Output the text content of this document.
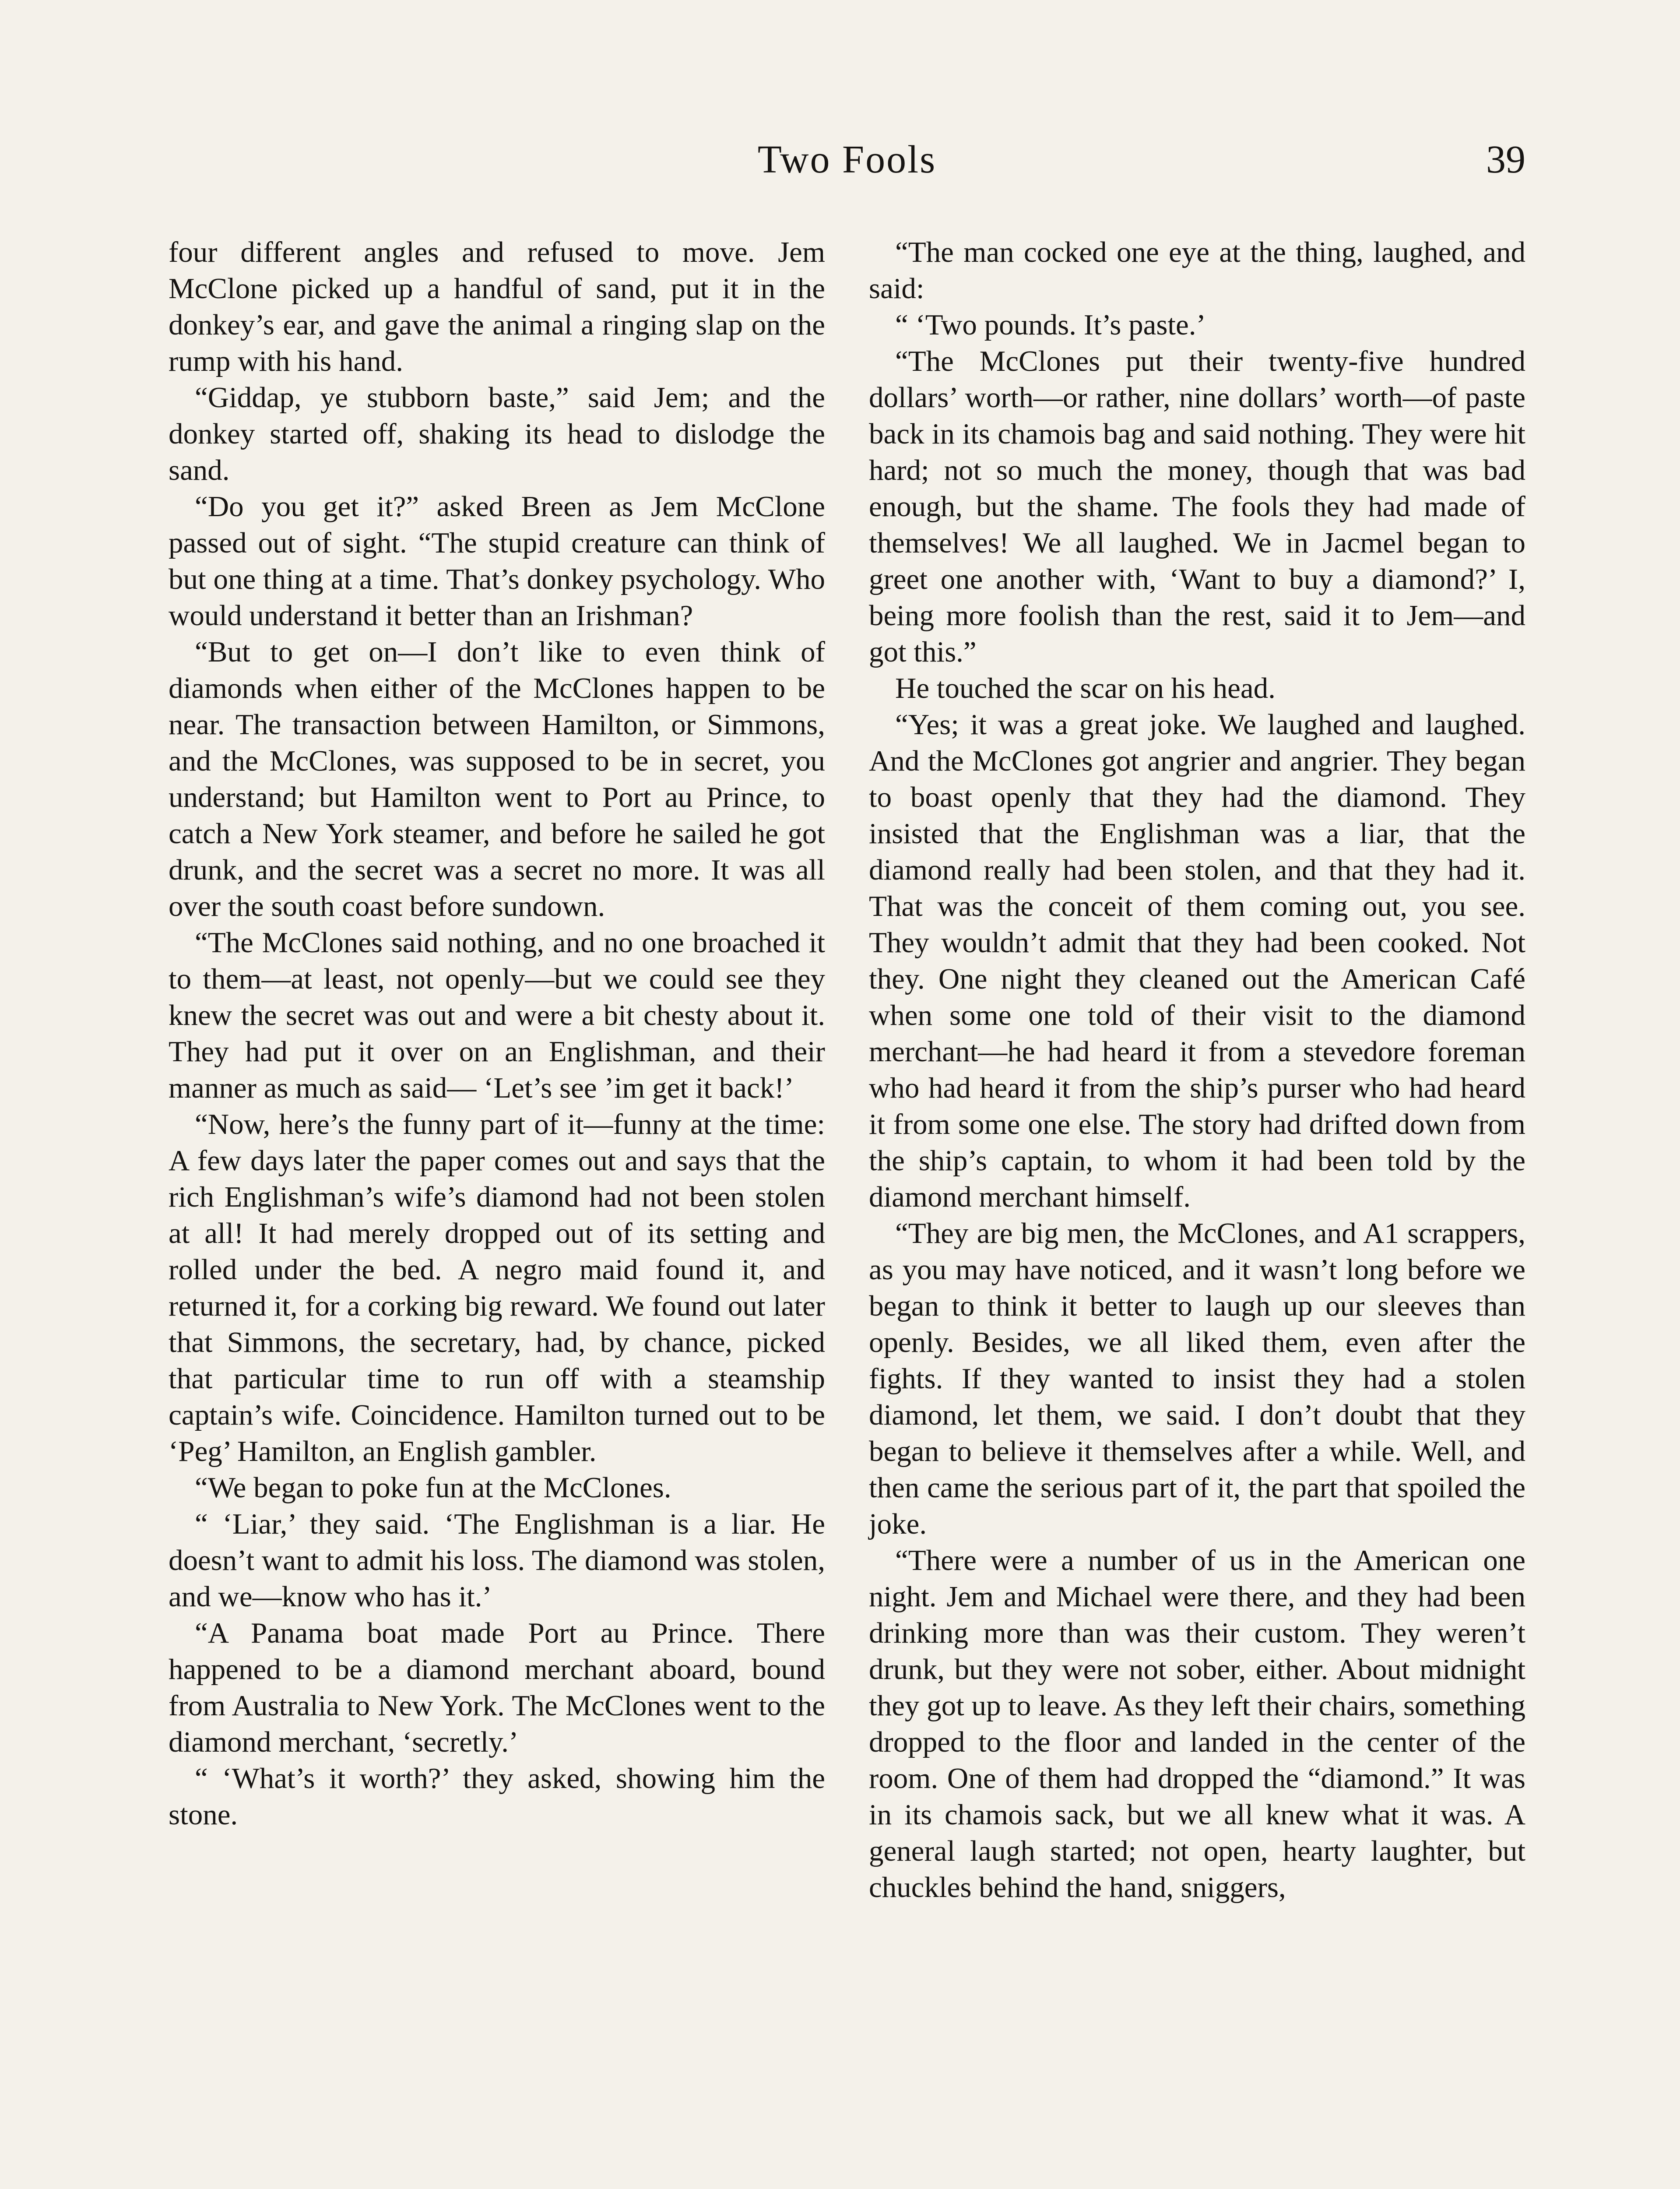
Two Fools	39

four different angles and refused to move. Jem McClone picked up a handful of sand, put it in the donkey’s ear, and gave the animal a ringing slap on the rump with his hand.

“Giddap, ye stubborn baste,” said Jem; and the donkey started off, shaking its head to dislodge the sand.

“Do you get it?” asked Breen as Jem McClone passed out of sight. “The stupid creature can think of but one thing at a time. That’s donkey psychology. Who would understand it better than an Irishman?

“But to get on—I don’t like to even think of diamonds when either of the McClones happen to be near. The transaction between Hamilton, or Simmons, and the McClones, was supposed to be in secret, you understand; but Hamilton went to Port au Prince, to catch a New York steamer, and before he sailed he got drunk, and the secret was a secret no more. It was all over the south coast before sundown.

“The McClones said nothing, and no one broached it to them—at least, not openly—but we could see they knew the secret was out and were a bit chesty about it. They had put it over on an Englishman, and their manner as much as said— ‘Let’s see ’im get it back!’

“Now, here’s the funny part of it—funny at the time: A few days later the paper comes out and says that the rich Englishman’s wife’s diamond had not been stolen at all! It had merely dropped out of its setting and rolled under the bed. A negro maid found it, and returned it, for a corking big reward. We found out later that Simmons, the secretary, had, by chance, picked that particular time to run off with a steamship captain’s wife. Coincidence. Hamilton turned out to be ‘Peg’ Hamilton, an English gambler.

“We began to poke fun at the McClones.

“ ‘Liar,’ they said. ‘The Englishman is a liar. He doesn’t want to admit his loss. The diamond was stolen, and we—know who has it.’

“A Panama boat made Port au Prince. There happened to be a diamond merchant aboard, bound from Australia to New York. The McClones went to the diamond merchant, ‘secretly.’

“ ‘What’s it worth?’ they asked, showing him the stone.

“The man cocked one eye at the thing, laughed, and said:

“ ‘Two pounds. It’s paste.’

“The McClones put their twenty-five hundred dollars’ worth—or rather, nine dollars’ worth—of paste back in its chamois bag and said nothing. They were hit hard; not so much the money, though that was bad enough, but the shame. The fools they had made of themselves! We all laughed. We in Jacmel began to greet one another with, ‘Want to buy a diamond?’ I, being more foolish than the rest, said it to Jem—and got this.”

He touched the scar on his head.

“Yes; it was a great joke. We laughed and laughed. And the McClones got angrier and angrier. They began to boast openly that they had the diamond. They insisted that the Englishman was a liar, that the diamond really had been stolen, and that they had it. That was the conceit of them coming out, you see. They wouldn’t admit that they had been cooked. Not they. One night they cleaned out the American Café when some one told of their visit to the diamond merchant—he had heard it from a stevedore foreman who had heard it from the ship’s purser who had heard it from some one else. The story had drifted down from the ship’s captain, to whom it had been told by the diamond merchant himself.

“They are big men, the McClones, and A1 scrappers, as you may have noticed, and it wasn’t long before we began to think it better to laugh up our sleeves than openly. Besides, we all liked them, even after the fights. If they wanted to insist they had a stolen diamond, let them, we said. I don’t doubt that they began to believe it themselves after a while. Well, and then came the serious part of it, the part that spoiled the joke.

“There were a number of us in the American one night. Jem and Michael were there, and they had been drinking more than was their custom. They weren’t drunk, but they were not sober, either. About midnight they got up to leave. As they left their chairs, something dropped to the floor and landed in the center of the room. One of them had dropped the “diamond.” It was in its chamois sack, but we all knew what it was. A general laugh started; not open, hearty laughter, but chuckles behind the hand, sniggers,
